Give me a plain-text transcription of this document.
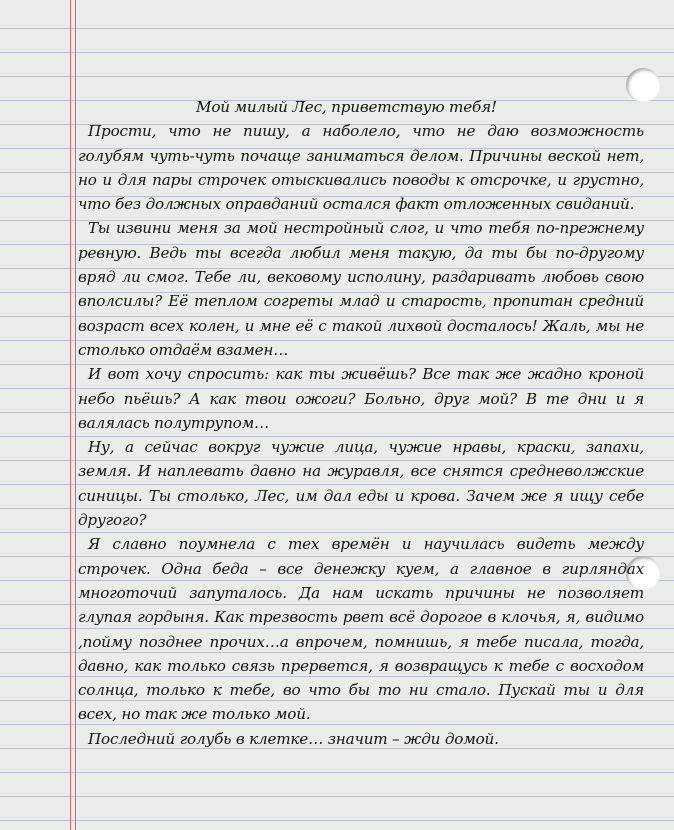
Мой милый Лес, приветствую тебя!

Прости, что не пишу, а наболело, что не даю возможность голубям чуть-чуть почаще заниматься делом. Причины веской нет, но и для пары строчек отыскивались поводы к отсрочке, и грустно, что без должных оправданий остался факт отложенных свиданий.

Ты извини меня за мой нестройный слог, и что тебя по-прежнему ревную. Ведь ты всегда любил меня такую, да ты бы по-другому вряд ли смог. Тебе ли, вековому исполину, раздаривать любовь свою вполсилы? Её теплом согреты млад и старость, пропитан средний возраст всех колен, и мне её с такой лихвой досталось! Жаль, мы не столько отдаём взамен…

И вот хочу спросить: как ты живёшь? Все так же жадно кроной небо пьёшь? А как твои ожоги? Больно, друг мой? В те дни и я валялась полутрупом…

Ну, а сейчас вокруг чужие лица, чужие нравы, краски, запахи, земля. И наплевать давно на журавля, все снятся средневолжские синицы. Ты столько, Лес, им дал еды и крова. Зачем же я ищу себе другого?

Я славно поумнела с тех времён и научилась видеть между строчек. Одна беда – все денежку куем, а главное в гирляндах многоточий запуталось. Да нам искать причины не позволяет глупая гордыня. Как трезвость рвет всё дорогое в клочья, я, видимо ,пойму позднее прочих…а впрочем, помнишь, я тебе писала, тогда, давно, как только связь прервется, я возвращусь к тебе с восходом солнца, только к тебе, во что бы то ни стало. Пускай ты и для всех, но так же только мой.

Последний голубь в клетке… значит – жди домой.
